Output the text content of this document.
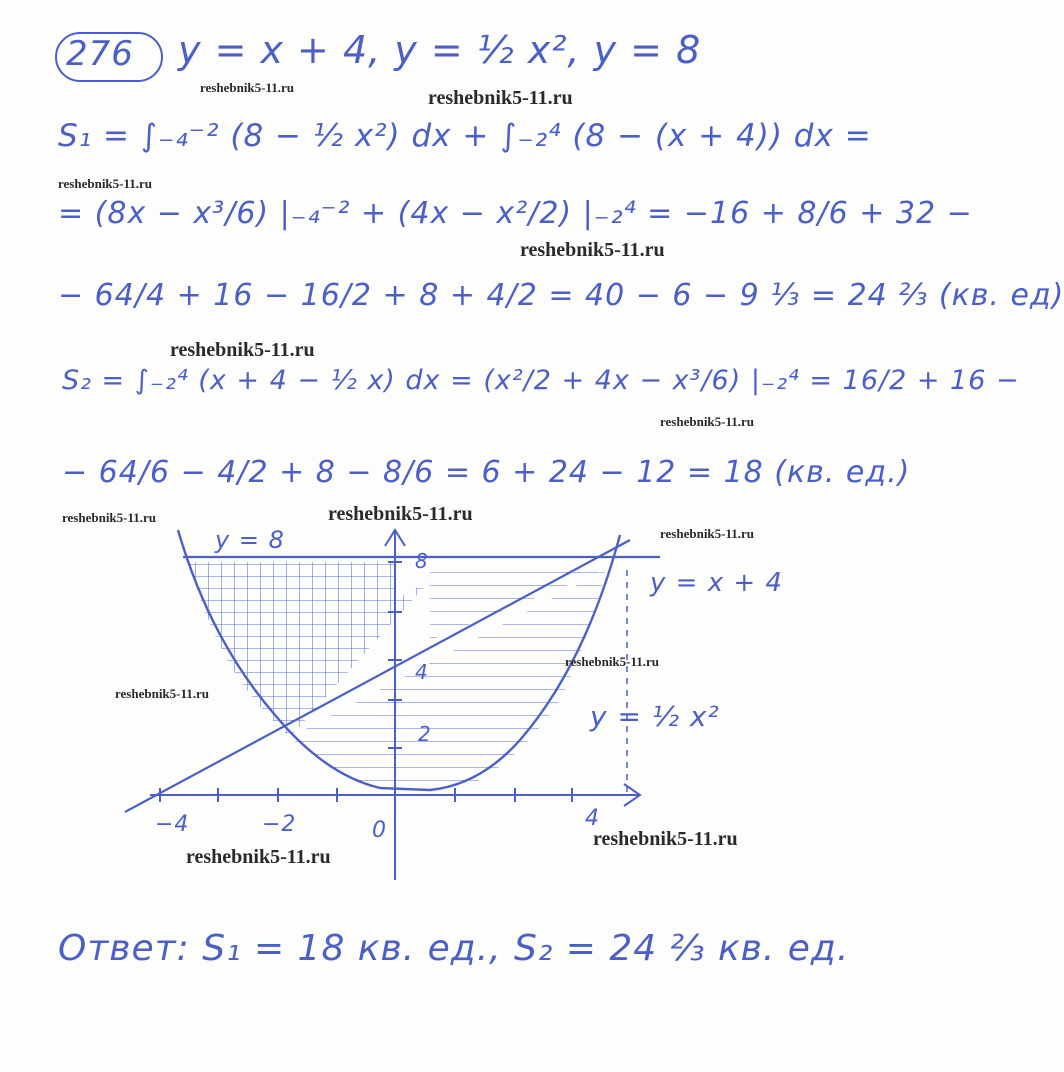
276 y = x + 4, y = ½ x², y = 8
S₁ = ∫₋₄⁻² (8 − ½ x²) dx + ∫₋₂⁴ (8 − (x + 4)) dx =
= (8x − x³/6) |₋₄⁻² + (4x − x²/2) |₋₂⁴ = −16 + 8/6 + 32 −
− 64/4 + 16 − 16/2 + 8 + 4/2 = 40 − 6 − 9 ⅓ = 24 ⅔ (кв. ед)
S₂ = ∫₋₂⁴ (x + 4 − ½ x) dx = (x²/2 + 4x − x³/6) |₋₂⁴ = 16/2 + 16 −
− 64/6 − 4/2 + 8 − 8/6 = 6 + 24 − 12 = 18 (кв. ед.)
y = 8
y = x + 4
y = ½ x²
8
4
2
−4	−2	0	4
Ответ: S₁ = 18 кв. ед., S₂ = 24 ⅔ кв. ед.
reshebnik5-11.ru	reshebnik5-11.ru
reshebnik5-11.ru
reshebnik5-11.ru
reshebnik5-11.ru
reshebnik5-11.ru
reshebnik5-11.ru	reshebnik5-11.ru
reshebnik5-11.ru
reshebnik5-11.ru
reshebnik5-11.ru
reshebnik5-11.ru
reshebnik5-11.ru
